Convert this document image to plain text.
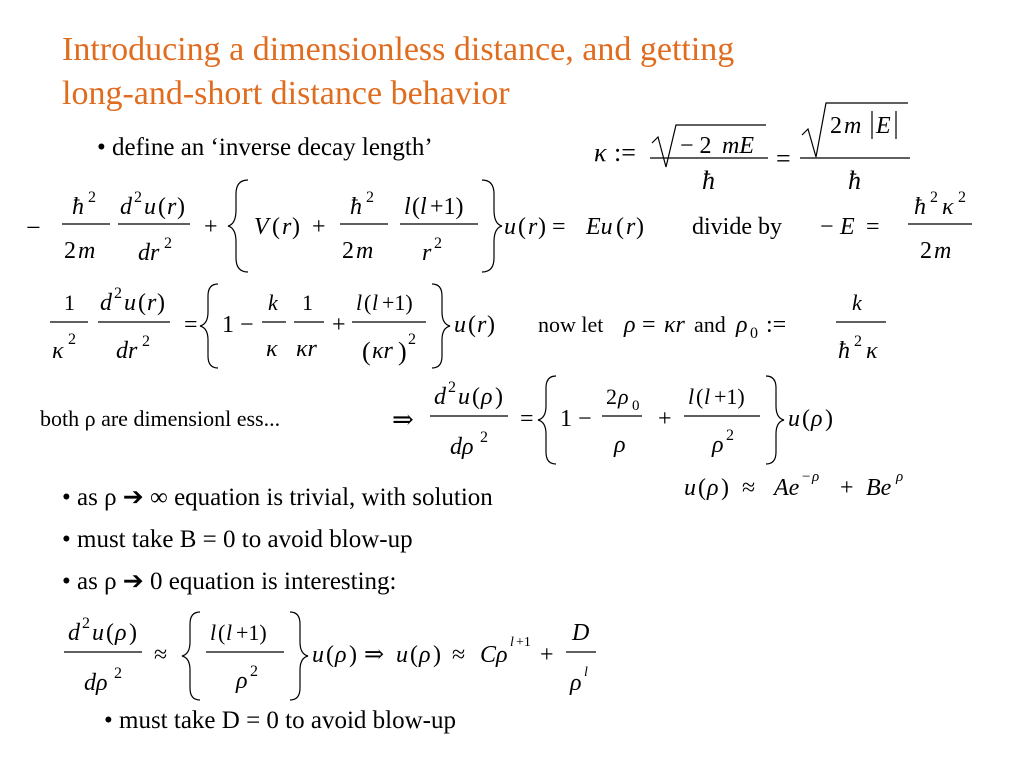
Introducing a dimensionless distance, and getting
long-and-short distance behavior
• define an ‘inverse decay length’	κ := − 2 mE
ħ
=
2 m E
ħ
−
ħ 2
2 m
d 2 u ( r )
dr 2
+ V ( r ) +
ħ 2
2 m
l ( l +1)
r 2
u ( r ) = Eu ( r ) divide by − E =
ħ 2 κ 2
2 m
1
κ 2
d 2 u ( r )
dr 2
= 1 −
k
κ
1
κr
+
l ( l +1)
( κr ) 2
u ( r ) now let ρ = κr and ρ 0 :=
k
ħ 2 κ
both ρ are dimensionl ess...	⇒
d 2 u ( ρ )
dρ 2
= 1 −
2 ρ 0
ρ
+
l ( l +1)
ρ 2
u ( ρ )
u ( ρ ) ≈ Ae − ρ + Be ρ
• as ρ ➔ ∞ equation is trivial, with solution
• must take B = 0 to avoid blow-up
• as ρ ➔ 0 equation is interesting:
d 2 u ( ρ )
dρ 2
≈
l ( l +1)
ρ 2
u ( ρ ) ⇒ u ( ρ ) ≈ Cρ l +1 +
D
ρ l
• must take D = 0 to avoid blow-up
